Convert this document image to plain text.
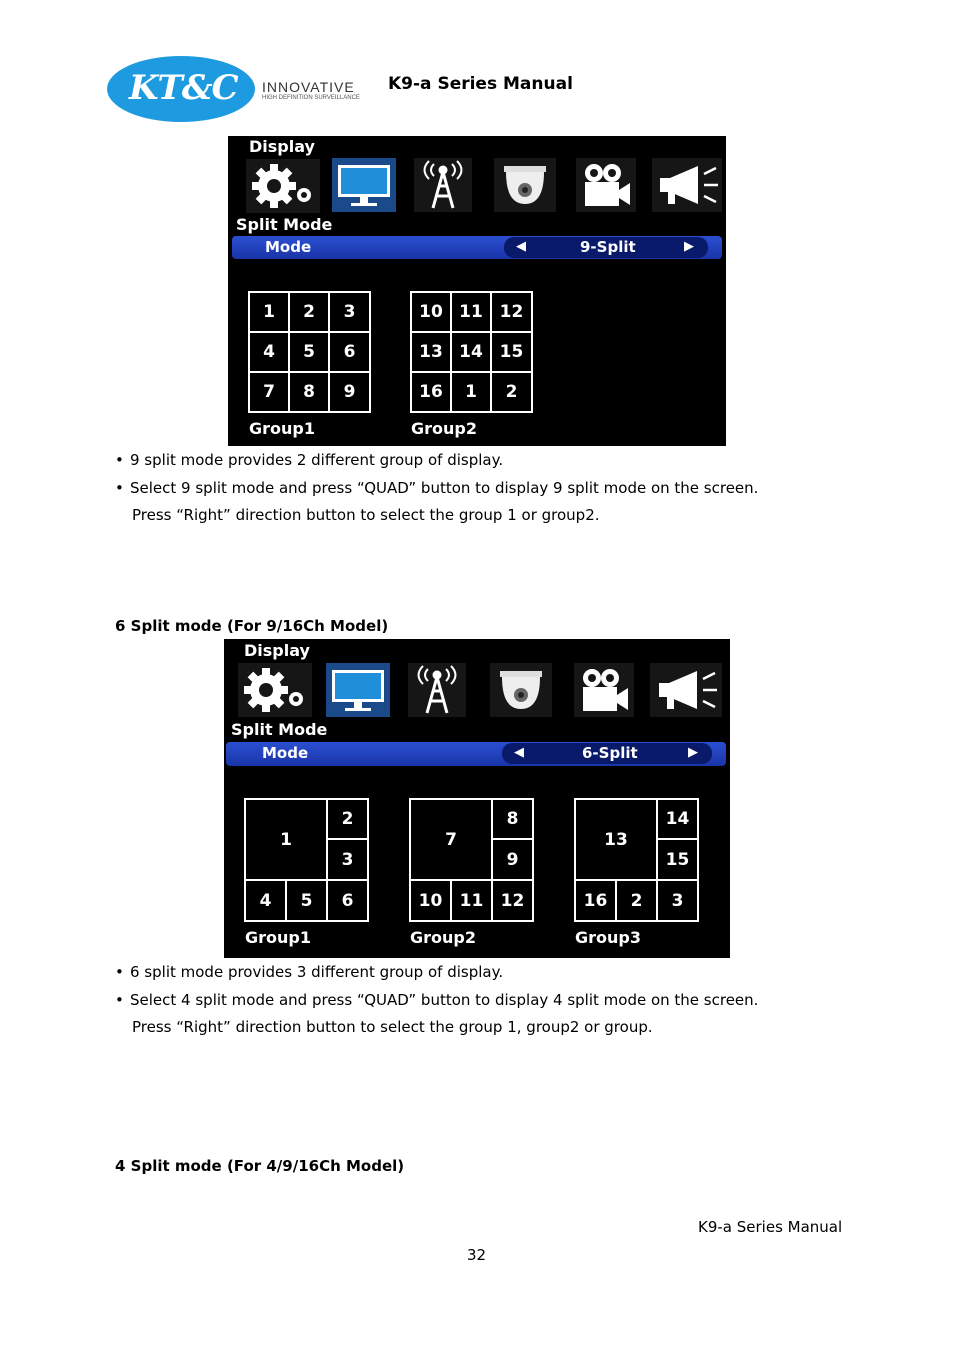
KT&C INNOVATIVE
HIGH DEFINITION SURVEILLANCE
K9-a Series Manual
Display
Split Mode
Mode	◀	9-Split	▶
1	2	3
4	5	6
7	8	9
Group1
10 11 12
13 14 15
16	1	2
Group2
• 9 split mode provides 2 different group of display.
• Select 9 split mode and press “QUAD” button to display 9 split mode on the screen.
Press “Right” direction button to select the group 1 or group2.
6 Split mode (For 9/16Ch Model)
Display
Split Mode
Mode	◀	6-Split	▶
1
2
3
4	5	6
Group1
7
8
9
10	11	12
Group2
13
14
15
16	2	3
Group3
• 6 split mode provides 3 different group of display.
• Select 4 split mode and press “QUAD” button to display 4 split mode on the screen.
Press “Right” direction button to select the group 1, group2 or group.
4 Split mode (For 4/9/16Ch Model)
K9-a Series Manual
32
